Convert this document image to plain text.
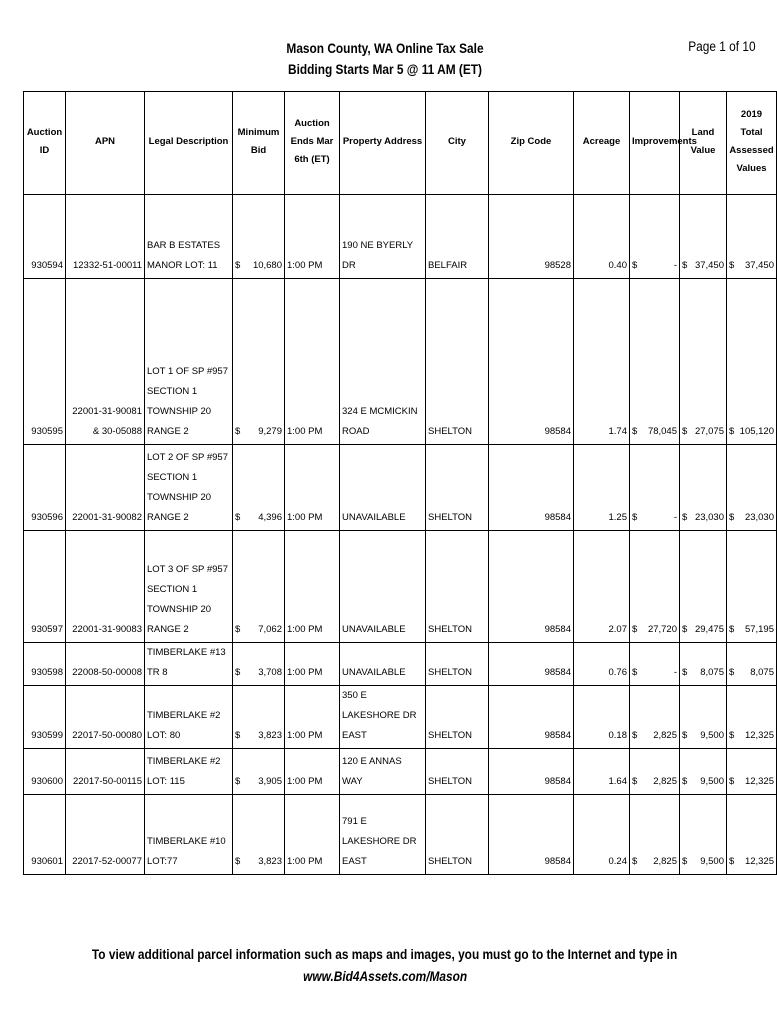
Mason County, WA Online Tax Sale
Bidding Starts Mar 5 @ 11 AM (ET)
Page 1 of 10
Auction ID	APN	Legal Description	Minimum Bid	Auction Ends Mar 6th (ET)	Property Address	City	Zip Code	Acreage	Improvements	Land Value	2019 Total Assessed Values
930594	12332-51-00011	BAR B ESTATES MANOR LOT: 11	$ 10,680	1:00 PM	190 NE BYERLY DR	BELFAIR	98528	0.40	$ -	$ 37,450	$ 37,450

930595	22001-31-90081 & 30-05088	LOT 1 OF SP #957 SECTION 1 TOWNSHIP 20 RANGE 2	$ 9,279	1:00 PM	324 E MCMICKIN ROAD	SHELTON	98584	1.74	$ 78,045	$ 27,075	$ 105,120

930596	22001-31-90082	LOT 2 OF SP #957 SECTION 1 TOWNSHIP 20 RANGE 2	$ 4,396	1:00 PM	UNAVAILABLE	SHELTON	98584	1.25	$ -	$ 23,030	$ 23,030

930597	22001-31-90083	LOT 3 OF SP #957 SECTION 1 TOWNSHIP 20 RANGE 2	$ 7,062	1:00 PM	UNAVAILABLE	SHELTON	98584	2.07	$ 27,720	$ 29,475	$ 57,195

930598	22008-50-00008	TIMBERLAKE #13 TR 8	$ 3,708	1:00 PM	UNAVAILABLE	SHELTON	98584	0.76	$ -	$ 8,075	$ 8,075

930599	22017-50-00080	TIMBERLAKE #2 LOT: 80	$ 3,823	1:00 PM	350 E LAKESHORE DR EAST	SHELTON	98584	0.18	$ 2,825	$ 9,500	$ 12,325

930600	22017-50-00115	TIMBERLAKE #2 LOT: 115	$ 3,905	1:00 PM	120 E ANNAS WAY	SHELTON	98584	1.64	$ 2,825	$ 9,500	$ 12,325

930601	22017-52-00077	TIMBERLAKE #10 LOT:77	$ 3,823	1:00 PM	791 E LAKESHORE DR EAST	SHELTON	98584	0.24	$ 2,825	$ 9,500	$ 12,325
To view additional parcel information such as maps and images, you must go to the Internet and type in
www.Bid4Assets.com/Mason
